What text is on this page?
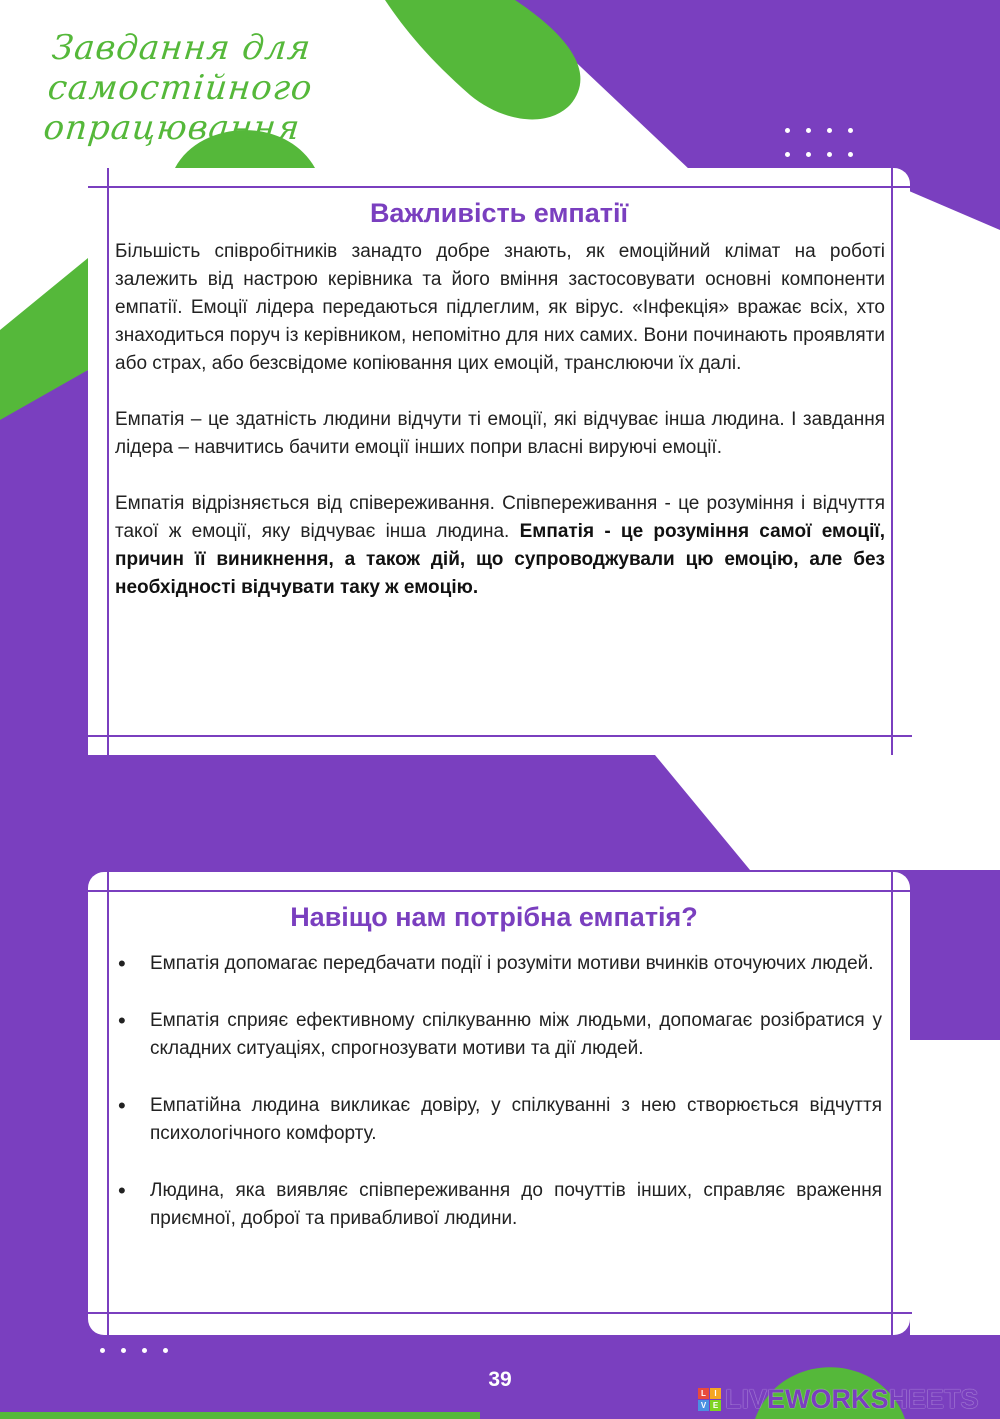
Завдання для самостійного
опрацювання
Важливість емпатії

Більшість співробітників занадто добре знають, як емоційний клімат на роботі залежить від настрою керівника та його вміння застосовувати основні компоненти емпатії. Емоції лідера передаються підлеглим, як вірус. «Інфекція» вражає всіх, хто знаходиться поруч із керівником, непомітно для них самих. Вони починають проявляти або страх, або безсвідоме копіювання цих емоцій, транслюючи їх далі.

Емпатія – це здатність людини відчути ті емоції, які відчуває інша людина. І завдання лідера – навчитись бачити емоції інших попри власні вируючі емоції.

Емпатія відрізняється від співереживання. Співпереживання - це розуміння і відчуття такої ж емоції, яку відчуває інша людина. Емпатія - це розуміння самої емоції, причин її виникнення, а також дій, що супроводжували цю емоцію, але без необхідності відчувати таку ж емоцію.

Навіщо нам потрібна емпатія?
• Емпатія допомагає передбачати події і розуміти мотиви вчинків оточуючих людей.
• Емпатія сприяє ефективному спілкуванню між людьми, допомагає розібратися у складних ситуаціях, спрогнозувати мотиви та дії людей.
• Емпатійна людина викликає довіру, у спілкуванні з нею створюється відчуття психологічного комфорту.
• Людина, яка виявляє співпереживання до почуттів інших, справляє враження приємної, доброї та привабливої людини.

39

L	I
V E LIVEWORKSHEETS
